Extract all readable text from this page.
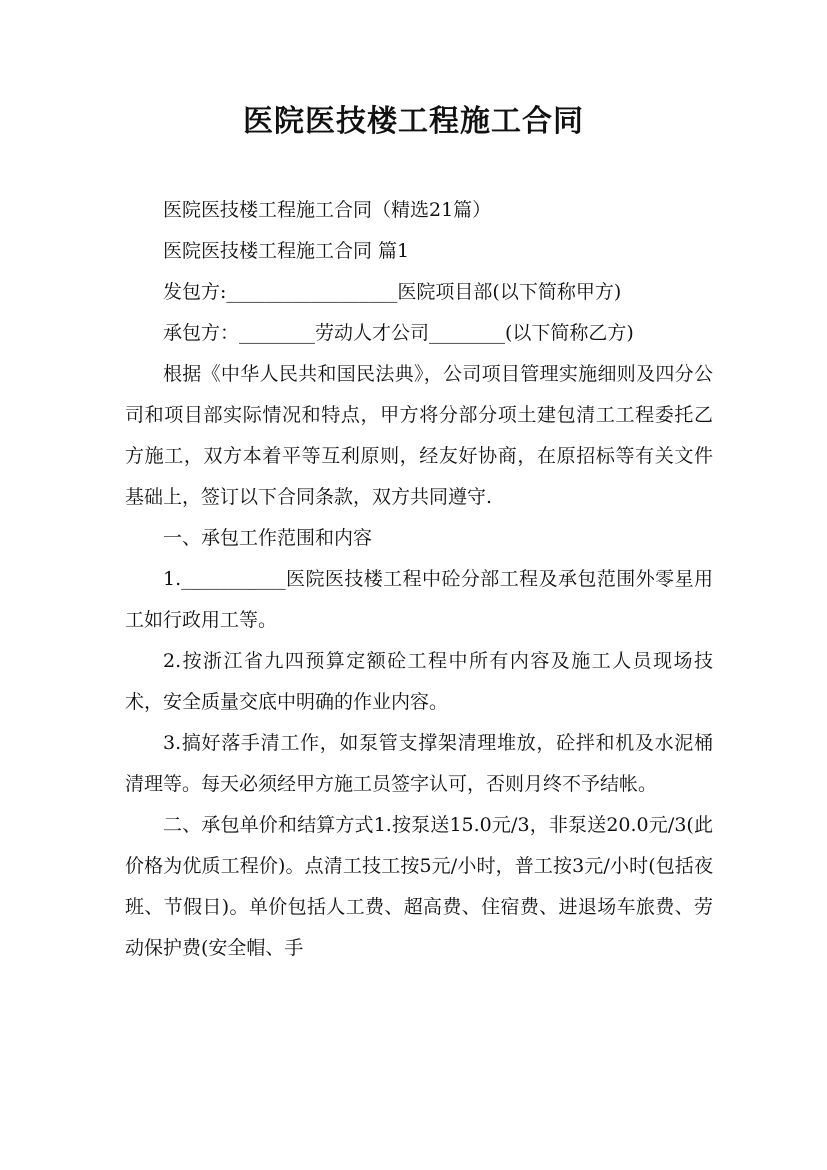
医院医技楼工程施工合同

医院医技楼工程施工合同（精选21篇）

医院医技楼工程施工合同 篇1

发包方:__________________医院项目部(以下简称甲方)

承包方：________劳动人才公司________(以下简称乙方)

根据《中华人民共和国民法典》，公司项目管理实施细则及四分公司和项目部实际情况和特点，甲方将分部分项土建包清工工程委托乙方施工，双方本着平等互利原则，经友好协商，在原招标等有关文件基础上，签订以下合同条款，双方共同遵守.

一、承包工作范围和内容

1.___________医院医技楼工程中砼分部工程及承包范围外零星用工如行政用工等。

2.按浙江省九四预算定额砼工程中所有内容及施工人员现场技术，安全质量交底中明确的作业内容。

3.搞好落手清工作，如泵管支撑架清理堆放，砼拌和机及水泥桶清理等。每天必须经甲方施工员签字认可，否则月终不予结帐。

二、承包单价和结算方式1.按泵送15.0元/3，非泵送20.0元/3(此价格为优质工程价)。点清工技工按5元/小时，普工按3元/小时(包括夜班、节假日)。单价包括人工费、超高费、住宿费、进退场车旅费、劳动保护费(安全帽、手
